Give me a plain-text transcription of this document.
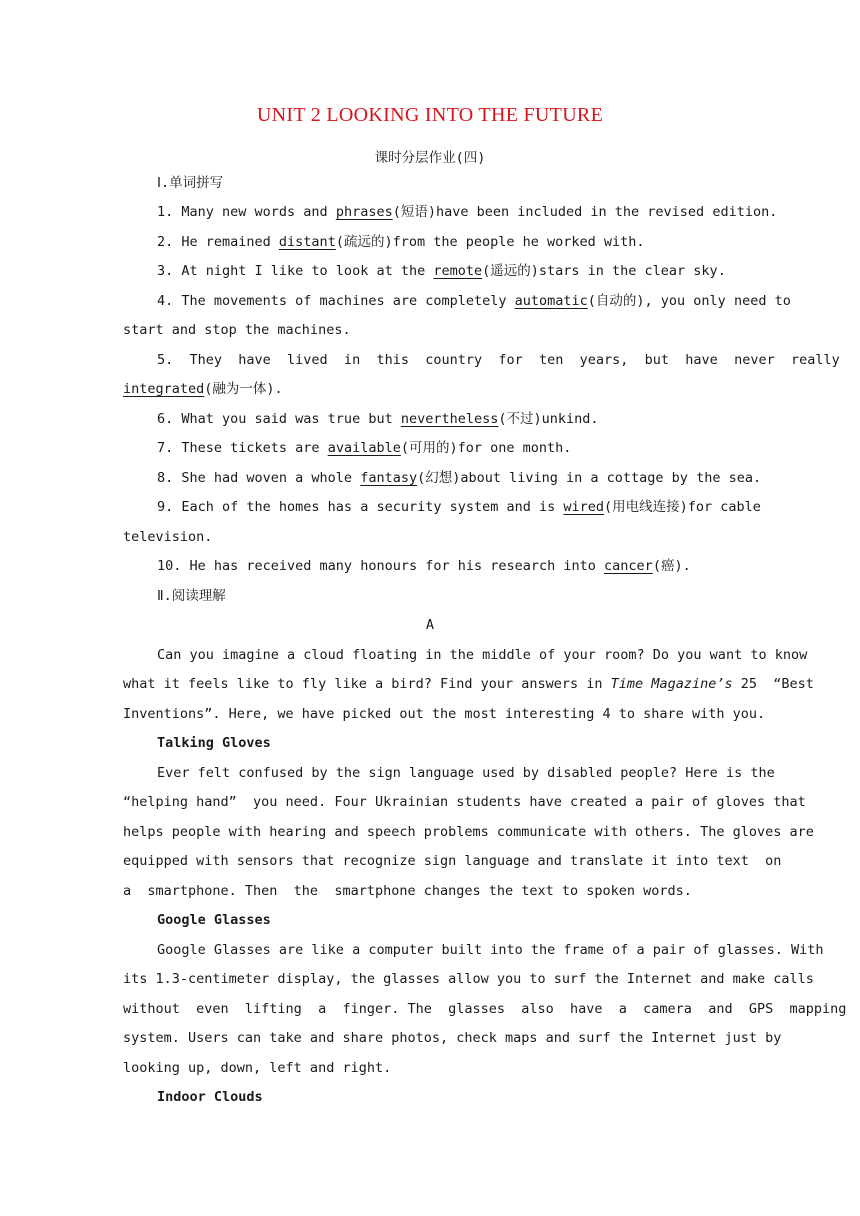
UNIT 2 LOOKING INTO THE FUTURE
课时分层作业(四)
Ⅰ.单词拼写
1. Many new words and phrases(短语)have been included in the revised edition.
2. He remained distant(疏远的)from the people he worked with.
3. At night I like to look at the remote(遥远的)stars in the clear sky.
4. The movements of machines are completely automatic(自动的), you only need to
start and stop the machines.
5.  They  have  lived  in  this  country  for  ten  years,  but  have  never  really
integrated(融为一体).
6. What you said was true but nevertheless(不过)unkind.
7. These tickets are available(可用的)for one month.
8. She had woven a whole fantasy(幻想)about living in a cottage by the sea.
9. Each of the homes has a security system and is wired(用电线连接)for cable
television.
10. He has received many honours for his research into cancer(癌).
Ⅱ.阅读理解
A
Can you imagine a cloud floating in the middle of your room? Do you want to know
what it feels like to fly like a bird? Find your answers in Time Magazine’s 25  “Best
Inventions”. Here, we have picked out the most interesting 4 to share with you.
Talking Gloves
Ever felt confused by the sign language used by disabled people? Here is the
“helping hand”  you need. Four Ukrainian students have created a pair of gloves that
helps people with hearing and speech problems communicate with others. The gloves are
equipped with sensors that recognize sign language and translate it into text  on
a  smartphone. Then  the  smartphone changes the text to spoken words.
Google Glasses
Google Glasses are like a computer built into the frame of a pair of glasses. With
its 1.3-centimeter display, the glasses allow you to surf the Internet and make calls
without  even  lifting  a  finger. The  glasses  also  have  a  camera  and  GPS  mapping
system. Users can take and share photos, check maps and surf the Internet just by
looking up, down, left and right.
Indoor Clouds
